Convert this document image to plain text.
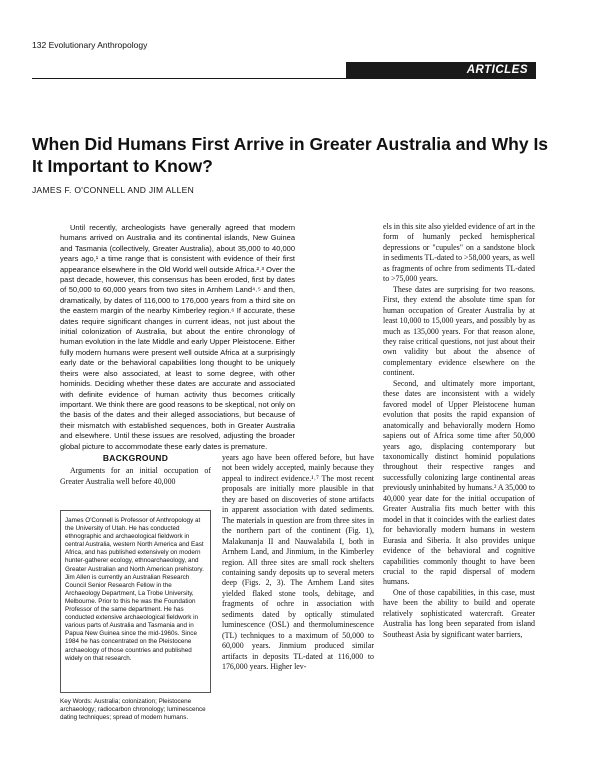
132 Evolutionary Anthropology
ARTICLES
When Did Humans First Arrive in Greater Australia and Why Is It Important to Know?
JAMES F. O'CONNELL AND JIM ALLEN

Until recently, archeologists have generally agreed that modern humans arrived on Australia and its continental islands, New Guinea and Tasmania (collectively, Greater Australia), about 35,000 to 40,000 years ago,¹ a time range that is consistent with evidence of their first appearance elsewhere in the Old World well outside Africa.²˒³ Over the past decade, however, this consensus has been eroded, first by dates of 50,000 to 60,000 years from two sites in Arnhem Land⁴˒⁵ and then, dramatically, by dates of 116,000 to 176,000 years from a third site on the eastern margin of the nearby Kimberley region.⁶ If accurate, these dates require significant changes in current ideas, not just about the initial colonization of Australia, but about the entire chronology of human evolution in the late Middle and early Upper Pleistocene. Either fully modern humans were present well outside Africa at a surprisingly early date or the behavioral capabilities long thought to be uniquely theirs were also associated, at least to some degree, with other hominids. Deciding whether these dates are accurate and associated with definite evidence of human activity thus becomes critically important. We think there are good reasons to be skeptical, not only on the basis of the dates and their alleged associations, but because of their mismatch with established sequences, both in Greater Australia and elsewhere. Until these issues are resolved, adjusting the broader global picture to accommodate these early dates is premature.

BACKGROUND

Arguments for an initial occupation of Greater Australia well before 40,000

James O'Connell is Professor of Anthropology at the University of Utah. He has conducted ethnographic and archaeological fieldwork in central Australia, western North America and East Africa, and has published extensively on modern hunter-gatherer ecology, ethnoarchaeology, and Greater Australian and North American prehistory. Jim Allen is currently an Australian Research Council Senior Research Fellow in the Archaeology Department, La Trobe University, Melbourne. Prior to this he was the Foundation Professor of the same department. He has conducted extensive archaeological fieldwork in various parts of Australia and Tasmania and in Papua New Guinea since the mid-1960s. Since 1984 he has concentrated on the Pleistocene archaeology of those countries and published widely on that research.
Key Words: Australia; colonization; Pleistocene archaeology; radiocarbon chronology; luminescence dating techniques; spread of modern humans.

years ago have been offered before, but have not been widely accepted, mainly because they appeal to indirect evidence.¹˒⁷ The most recent proposals are initially more plausible in that they are based on discoveries of stone artifacts in apparent association with dated sediments. The materials in question are from three sites in the northern part of the continent (Fig. 1), Malakunanja II and Nauwalabila I, both in Arnhem Land, and Jinmium, in the Kimberley region. All three sites are small rock shelters containing sandy deposits up to several meters deep (Figs. 2, 3). The Arnhem Land sites yielded flaked stone tools, debitage, and fragments of ochre in association with sediments dated by optically stimulated luminescence (OSL) and thermoluminescence (TL) techniques to a maximum of 50,000 to 60,000 years. Jinmium produced similar artifacts in deposits TL-dated at 116,000 to 176,000 years. Higher lev-

els in this site also yielded evidence of art in the form of humanly pecked hemispherical depressions or "cupules" on a sandstone block in sediments TL-dated to >58,000 years, as well as fragments of ochre from sediments TL-dated to >75,000 years.

These dates are surprising for two reasons. First, they extend the absolute time span for human occupation of Greater Australia by at least 10,000 to 15,000 years, and possibly by as much as 135,000 years. For that reason alone, they raise critical questions, not just about their own validity but about the absence of complementary evidence elsewhere on the continent.

Second, and ultimately more important, these dates are inconsistent with a widely favored model of Upper Pleistocene human evolution that posits the rapid expansion of anatomically and behaviorally modern Homo sapiens out of Africa some time after 50,000 years ago, displacing contemporary but taxonomically distinct hominid populations throughout their respective ranges and successfully colonizing large continental areas previously uninhabited by humans.² A 35,000 to 40,000 year date for the initial occupation of Greater Australia fits much better with this model in that it coincides with the earliest dates for behaviorally modern humans in western Eurasia and Siberia. It also provides unique evidence of the behavioral and cognitive capabilities commonly thought to have been crucial to the rapid dispersal of modern humans.

One of those capabilities, in this case, must have been the ability to build and operate relatively sophisticated watercraft. Greater Australia has long been separated from island Southeast Asia by significant water barriers,
